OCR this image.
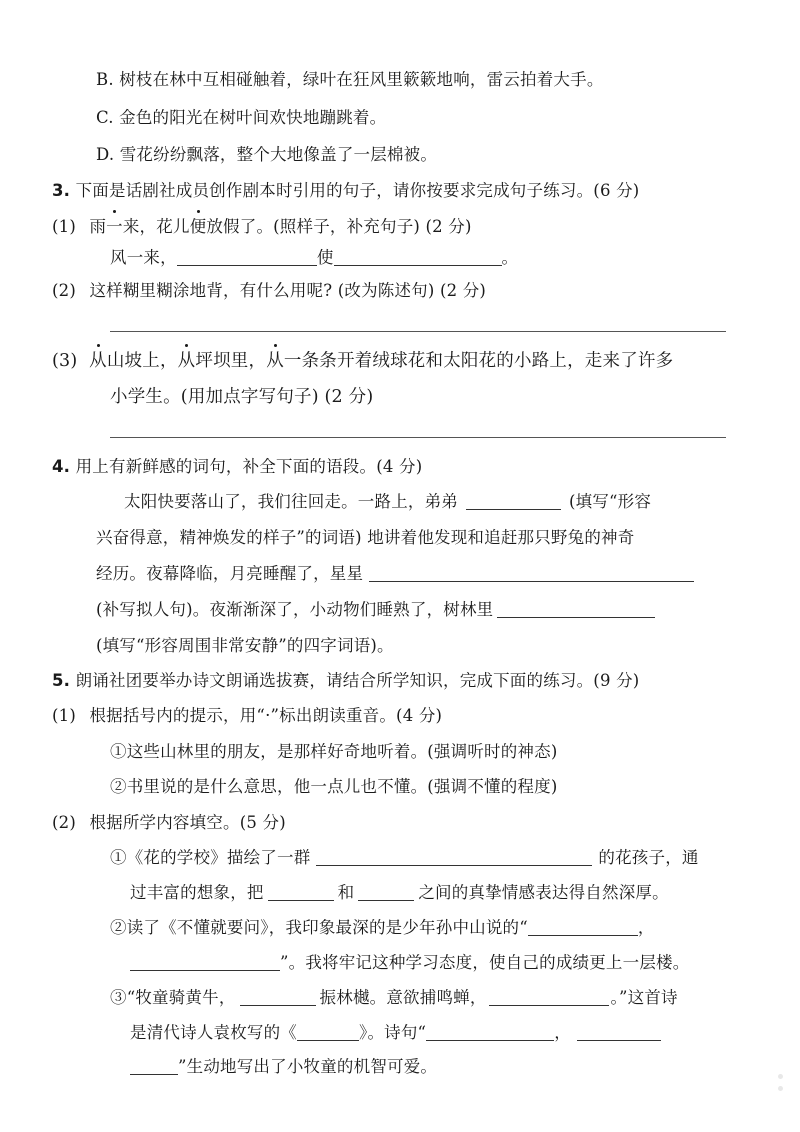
B. 树枝在林中互相碰触着，绿叶在狂风里簌簌地响，雷云拍着大手。
C. 金色的阳光在树叶间欢快地蹦跳着。
D. 雪花纷纷飘落，整个大地像盖了一层棉被。
3. 下面是话剧社成员创作剧本时引用的句子，请你按要求完成句子练习。(6 分)
(1) 雨一来，花儿便放假了。(照样子，补充句子) (2 分)
风一来，	使	。
(2) 这样糊里糊涂地背，有什么用呢? (改为陈述句) (2 分)
(3) 从山坡上，从坪坝里，从一条条开着绒球花和太阳花的小路上，走来了许多
小学生。(用加点字写句子) (2 分)
4. 用上有新鲜感的词句，补全下面的语段。(4 分)
太阳快要落山了，我们往回走。一路上，弟弟	(填写“形容
兴奋得意，精神焕发的样子”的词语) 地讲着他发现和追赶那只野兔的神奇
经历。夜幕降临，月亮睡醒了，星星
(补写拟人句)。夜渐渐深了，小动物们睡熟了，树林里
(填写“形容周围非常安静”的四字词语)。
5. 朗诵社团要举办诗文朗诵选拔赛，请结合所学知识，完成下面的练习。(9 分)
(1) 根据括号内的提示，用“·”标出朗读重音。(4 分)
①这些山林里的朋友，是那样好奇地听着。(强调听时的神态)
②书里说的是什么意思，他一点儿也不懂。(强调不懂的程度)
(2) 根据所学内容填空。(5 分)
①《花的学校》描绘了一群	的花孩子，通
过丰富的想象，把	和	之间的真挚情感表达得自然深厚。
②读了《不懂就要问》，我印象最深的是少年孙中山说的“	，
”。我将牢记这种学习态度，使自己的成绩更上一层楼。
③“牧童骑黄牛，	振林樾。意欲捕鸣蝉，	。”这首诗
是清代诗人袁枚写的《	》。诗句“	，
”生动地写出了小牧童的机智可爱。
